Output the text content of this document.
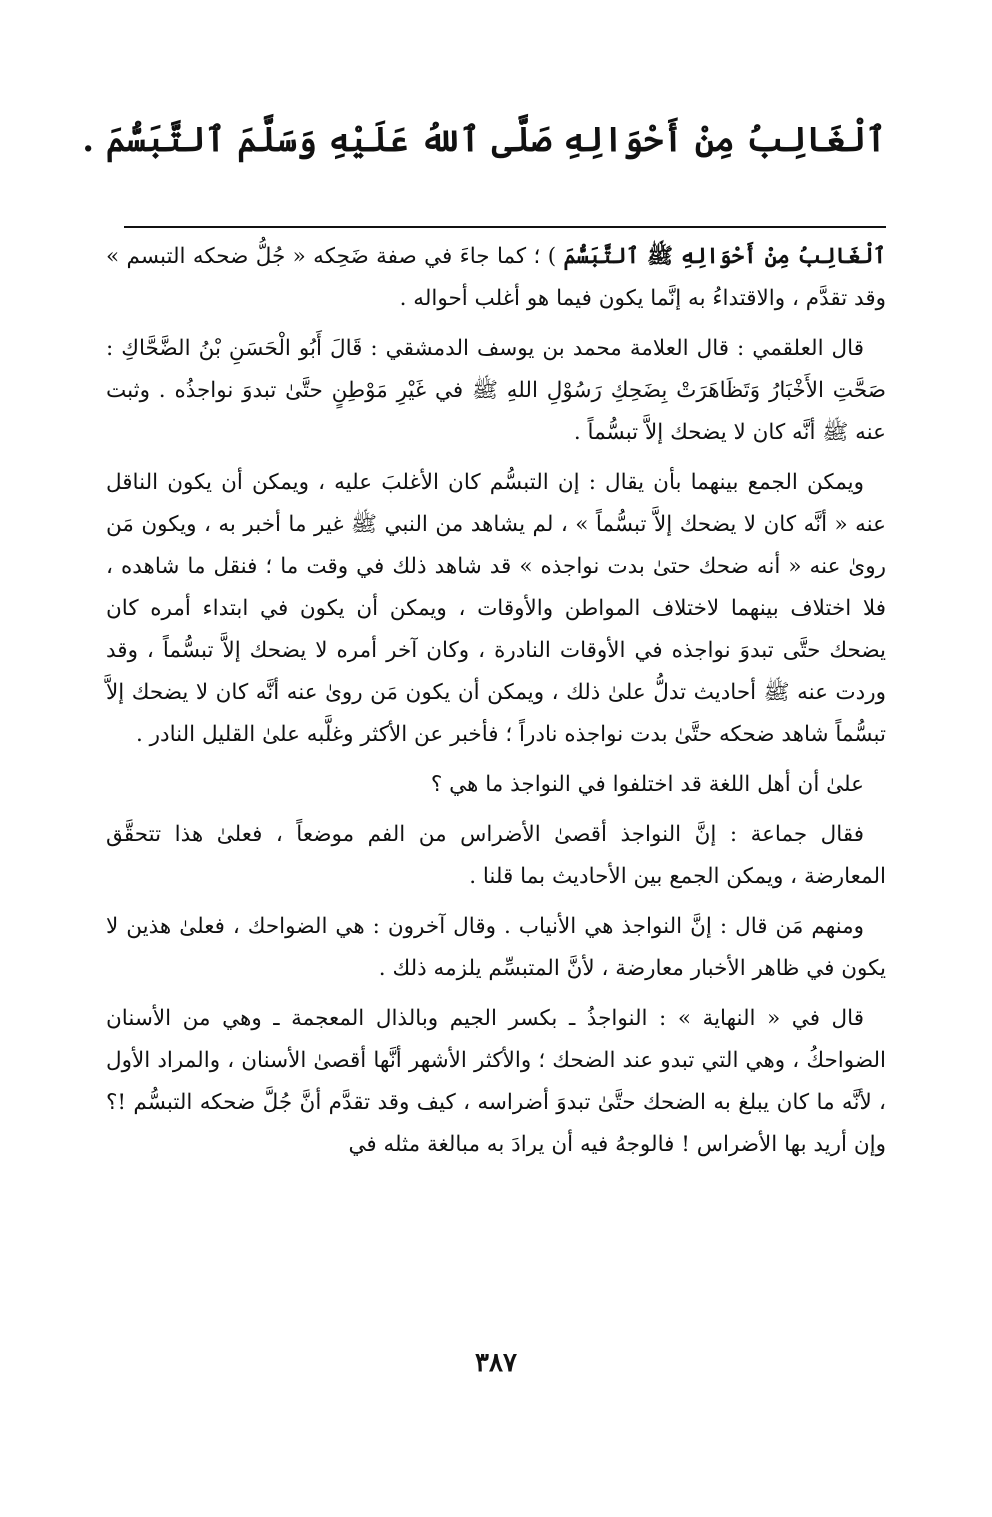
ٱلْغَالِبُ مِنْ أَحْوَالِهِ صَلَّى ٱللهُ عَلَيْهِ وَسَلَّمَ ٱلتَّبَسُّمَ .

ٱلْغَالِبُ مِنْ أَحْوَالِهِ ﷺ ٱلتَّبَسُّمَ ) ؛ كما جاءَ في صفة ضَحِكه « جُلُّ ضحكه التبسم » وقد تقدَّم ، والاقتداءُ به إنَّما يكون فيما هو أغلب أحواله .

قال العلقمي : قال العلامة محمد بن يوسف الدمشقي : قَالَ أَبُو الْحَسَنِ بْنُ الضَّحَّاكِ : صَحَّتِ الأَخْبَارُ وَتَظَاهَرَتْ بِضَحِكِ رَسُوْلِ اللهِ ﷺ في غَيْرِ مَوْطِنٍ حتَّىٰ تبدوَ نواجذُه . وثبت عنه ﷺ أنَّه كان لا يضحك إلاَّ تبسُّماً .

ويمكن الجمع بينهما بأن يقال : إن التبسُّم كان الأغلبَ عليه ، ويمكن أن يكون الناقل عنه « أنَّه كان لا يضحك إلاَّ تبسُّماً » ، لم يشاهد من النبي ﷺ غير ما أخبر به ، ويكون مَن روىٰ عنه « أنه ضحك حتىٰ بدت نواجذه » قد شاهد ذلك في وقت ما ؛ فنقل ما شاهده ، فلا اختلاف بينهما لاختلاف المواطن والأوقات ، ويمكن أن يكون في ابتداء أمره كان يضحك حتَّى تبدوَ نواجذه في الأوقات النادرة ، وكان آخر أمره لا يضحك إلاَّ تبسُّماً ، وقد وردت عنه ﷺ أحاديث تدلُّ علىٰ ذلك ، ويمكن أن يكون مَن روىٰ عنه أنَّه كان لا يضحك إلاَّ تبسُّماً شاهد ضحكه حتَّىٰ بدت نواجذه نادراً ؛ فأخبر عن الأكثر وغلَّبه علىٰ القليل النادر .

علىٰ أن أهل اللغة قد اختلفوا في النواجذ ما هي ؟

فقال جماعة : إنَّ النواجذ أقصىٰ الأضراس من الفم موضعاً ، فعلىٰ هذا تتحقَّق المعارضة ، ويمكن الجمع بين الأحاديث بما قلنا .

ومنهم مَن قال : إنَّ النواجذ هي الأنياب . وقال آخرون : هي الضواحك ، فعلىٰ هذين لا يكون في ظاهر الأخبار معارضة ، لأنَّ المتبسِّم يلزمه ذلك .

قال في « النهاية » : النواجذُ ـ بكسر الجيم وبالذال المعجمة ـ وهي من الأسنان الضواحكُ ، وهي التي تبدو عند الضحك ؛ والأكثر الأشهر أنَّها أقصىٰ الأسنان ، والمراد الأول ، لأنَّه ما كان يبلغ به الضحك حتَّىٰ تبدوَ أضراسه ، كيف وقد تقدَّم أنَّ جُلَّ ضحكه التبسُّم !؟ وإن أريد بها الأضراس ! فالوجهُ فيه أن يرادَ به مبالغة مثله في

٣٨٧
